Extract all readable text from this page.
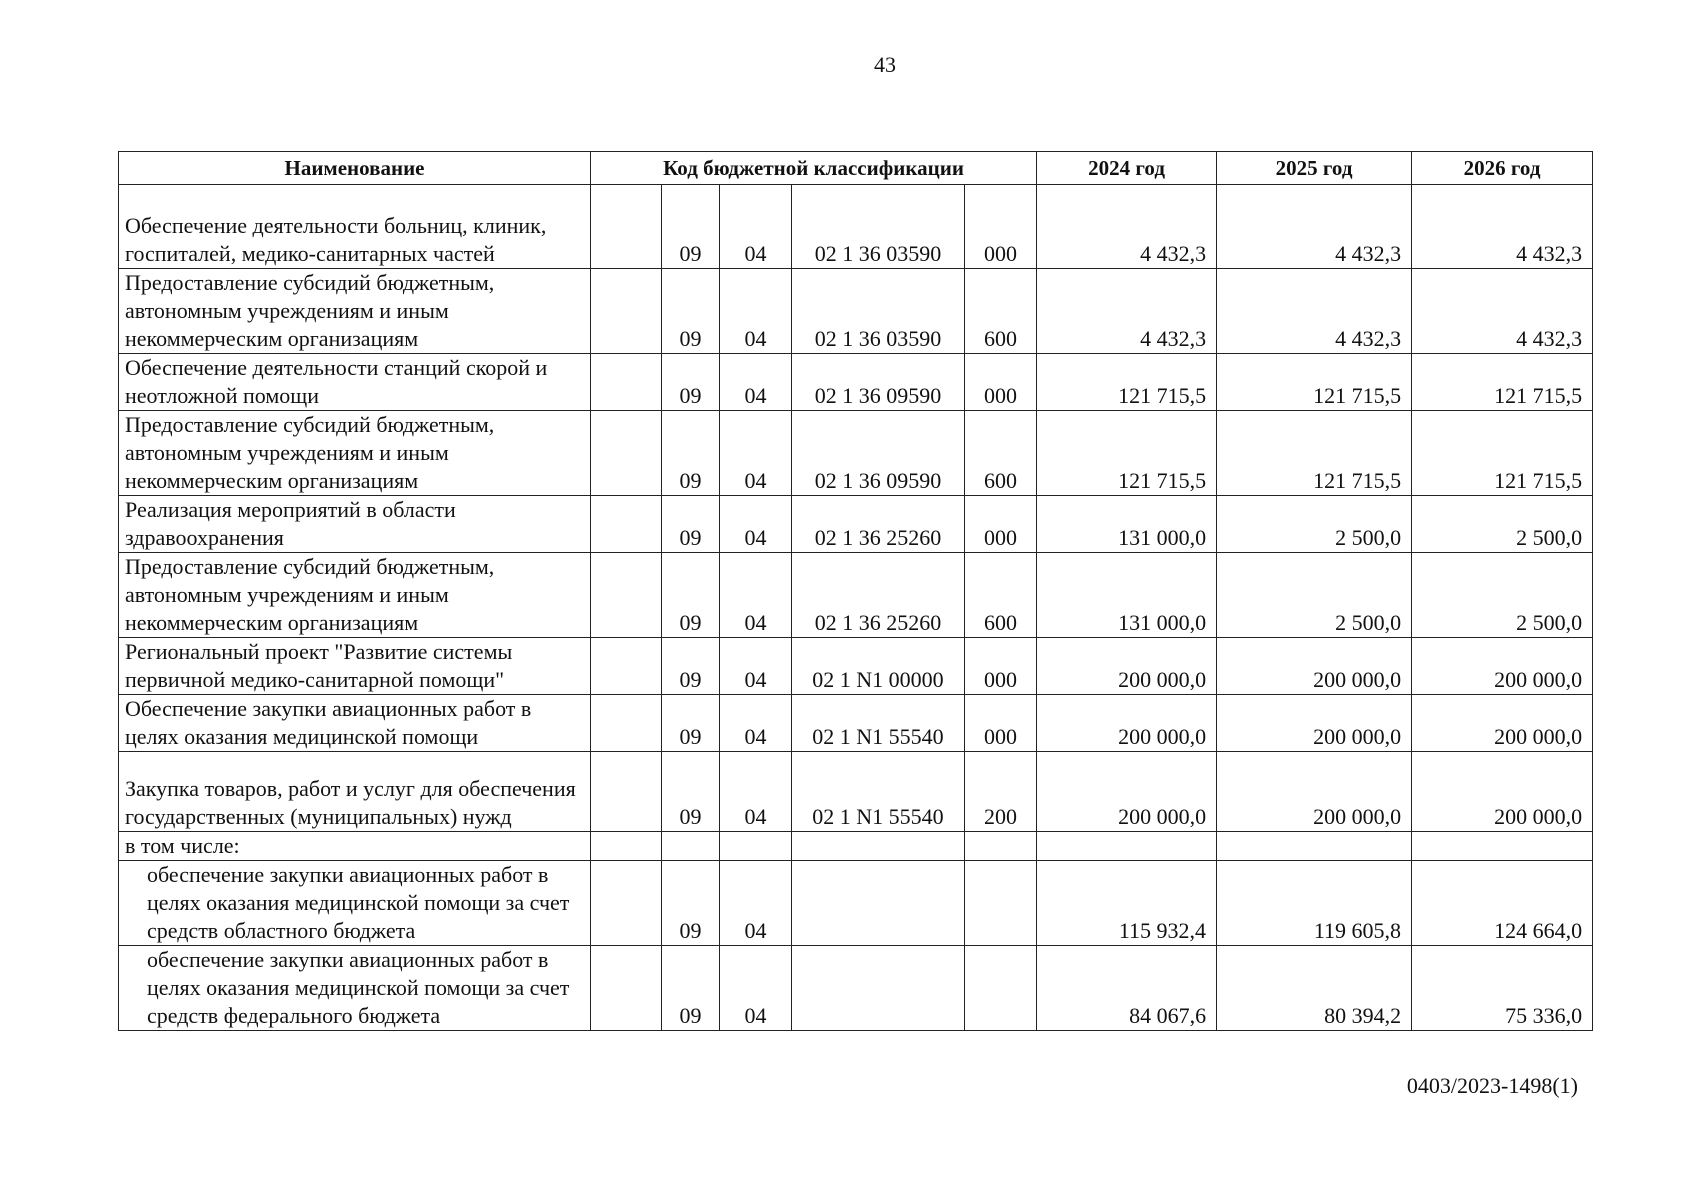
43
Наименование	Код бюджетной классификации					2024 год	2025 год	2026 год
Обеспечение деятельности больниц, клиник, госпиталей, медико-санитарных частей		09	04	02 1 36 03590	000	4 432,3	4 432,3	4 432,3
Предоставление субсидий бюджетным, автономным учреждениям и иным некоммерческим организациям		09	04	02 1 36 03590	600	4 432,3	4 432,3	4 432,3
Обеспечение деятельности станций скорой и неотложной помощи		09	04	02 1 36 09590	000	121 715,5	121 715,5	121 715,5
Предоставление субсидий бюджетным, автономным учреждениям и иным некоммерческим организациям		09	04	02 1 36 09590	600	121 715,5	121 715,5	121 715,5
Реализация мероприятий в области здравоохранения		09	04	02 1 36 25260	000	131 000,0	2 500,0	2 500,0
Предоставление субсидий бюджетным, автономным учреждениям и иным некоммерческим организациям		09	04	02 1 36 25260	600	131 000,0	2 500,0	2 500,0
Региональный проект "Развитие системы первичной медико-санитарной помощи"		09	04	02 1 N1 00000	000	200 000,0	200 000,0	200 000,0
Обеспечение закупки авиационных работ в целях оказания медицинской помощи		09	04	02 1 N1 55540	000	200 000,0	200 000,0	200 000,0
Закупка товаров, работ и услуг для обеспечения государственных (муниципальных) нужд		09	04	02 1 N1 55540	200	200 000,0	200 000,0	200 000,0
в том числе:								
обеспечение закупки авиационных работ в целях оказания медицинской помощи за счет средств областного бюджета		09	04			115 932,4	119 605,8	124 664,0
обеспечение закупки авиационных работ в целях оказания медицинской помощи за счет средств федерального бюджета		09	04			84 067,6	80 394,2	75 336,0
0403/2023-1498(1)
